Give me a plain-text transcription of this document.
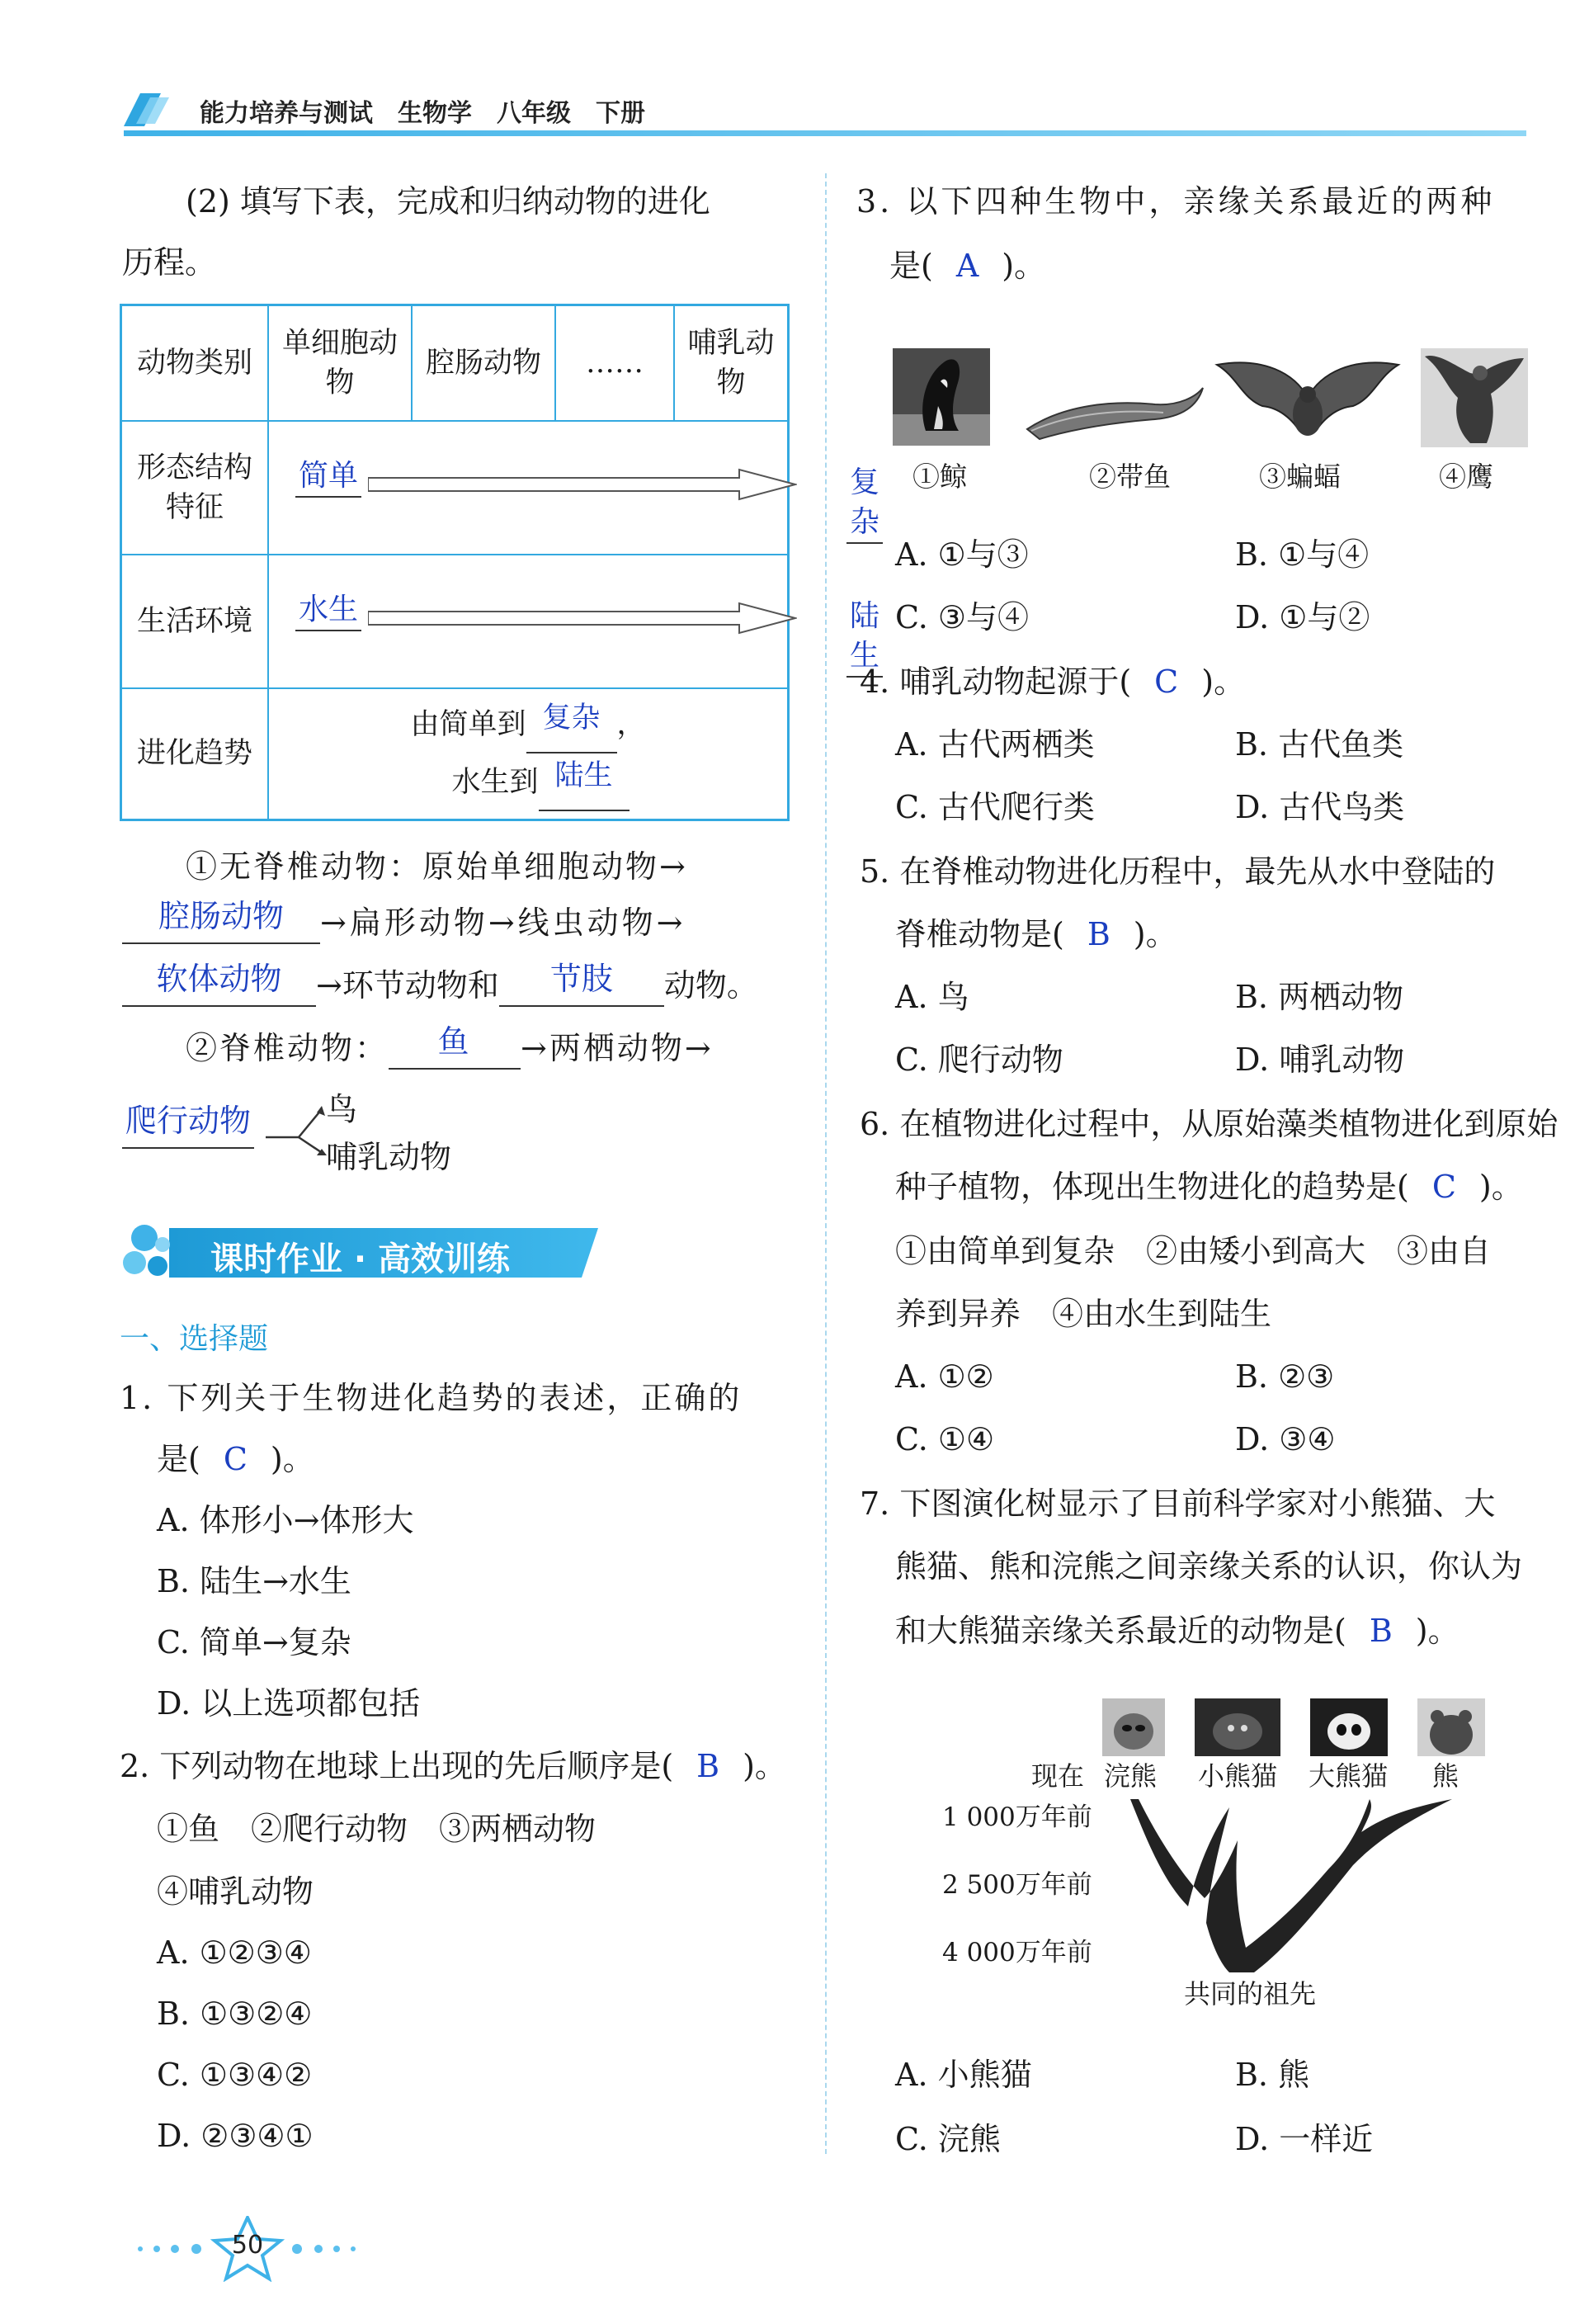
能力培养与测试　生物学　八年级　下册
(2) 填写下表，完成和归纳动物的进化
历程。
动物类别	单细胞动物	腔肠动物	……	哺乳动物
形态结构特征	简单 复杂			

生活环境	水生 陆生			

进化趋势	由简单到 复杂 ，
水生到 陆生			
①无脊椎动物：原始单细胞动物→
腔肠动物	→扁形动物→线虫动物→
软体动物	→环节动物和	节肢	动物。
②脊椎动物：	鱼	→两栖动物→
爬行动物 鸟
哺乳动物
课时作业 · 高效训练
一、选择题
1. 下列关于生物进化趋势的表述，正确的
是( C )。
A. 体形小→体形大
B. 陆生→水生
C. 简单→复杂
D. 以上选项都包括
2. 下列动物在地球上出现的先后顺序是( B )。
①鱼　②爬行动物　③两栖动物
④哺乳动物
A. ①②③④
B. ①③②④
C. ①③④②
D. ②③④①
50
3. 以下四种生物中，亲缘关系最近的两种
是( A )。
①鲸	②带鱼	③蝙蝠	④鹰
A. ①与③	B. ①与④
C. ③与④	D. ①与②
4. 哺乳动物起源于( C )。
A. 古代两栖类	B. 古代鱼类
C. 古代爬行类	D. 古代鸟类
5. 在脊椎动物进化历程中，最先从水中登陆的
脊椎动物是( B )。
A. 鸟	B. 两栖动物
C. 爬行动物	D. 哺乳动物
6. 在植物进化过程中，从原始藻类植物进化到原始
种子植物，体现出生物进化的趋势是( C )。
①由简单到复杂　②由矮小到高大　③由自
养到异养　④由水生到陆生
A. ①②	B. ②③
C. ①④	D. ③④
7. 下图演化树显示了目前科学家对小熊猫、大
熊猫、熊和浣熊之间亲缘关系的认识，你认为
和大熊猫亲缘关系最近的动物是( B )。
现在 浣熊 小熊猫 大熊猫 熊
1 000万年前
2 500万年前
4 000万年前
共同的祖先
A. 小熊猫	B. 熊
C. 浣熊	D. 一样近
